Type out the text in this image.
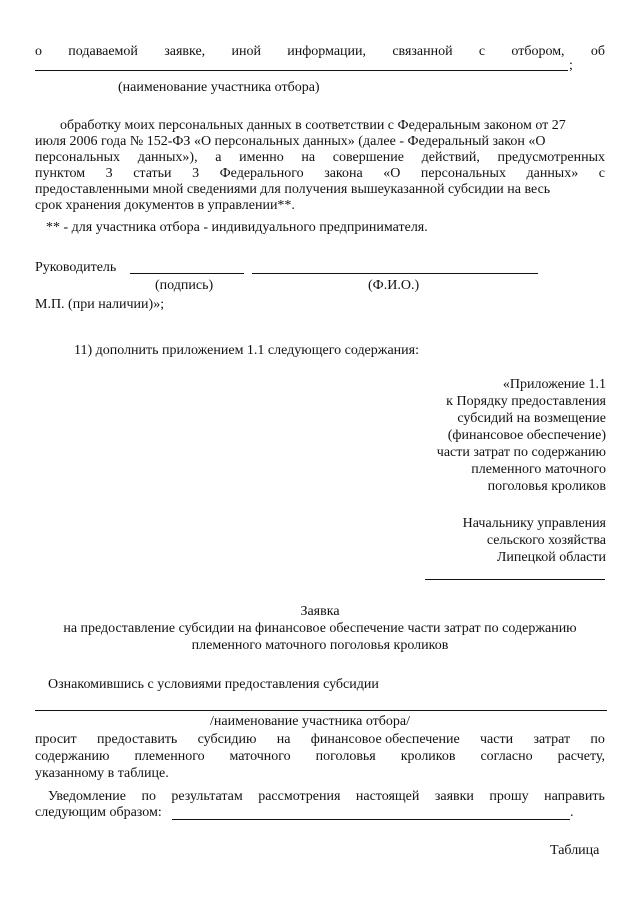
о подаваемой заявке, иной информации, связанной с отбором, об
;
(наименование участника отбора)
обработку моих персональных данных в соответствии с Федеральным законом от 27
июля 2006 года № 152-ФЗ «О персональных данных» (далее - Федеральный закон «О
персональных данных»), а именно на совершение действий, предусмотренных
пунктом 3 статьи 3 Федерального закона «О персональных данных» с
предоставленными мной сведениями для получения вышеуказанной субсидии на весь
срок хранения документов в управлении**.
** - для участника отбора - индивидуального предпринимателя.
Руководитель
(подпись)	(Ф.И.О.)
М.П. (при наличии)»;
11) дополнить приложением 1.1 следующего содержания:
«Приложение 1.1
к Порядку предоставления
субсидий на возмещение
(финансовое обеспечение)
части затрат по содержанию
племенного маточного
поголовья кроликов
Начальнику управления
сельского хозяйства
Липецкой области
Заявка
на предоставление субсидии на финансовое обеспечение части затрат по содержанию
племенного маточного поголовья кроликов
Ознакомившись с условиями предоставления субсидии
/наименование участника отбора/
просит предоставить субсидию на финансовое обеспечение части затрат по
содержанию племенного маточного поголовья кроликов согласно расчету,
указанному в таблице.
Уведомление по результатам рассмотрения настоящей заявки прошу направить
следующим образом:	.
Таблица
